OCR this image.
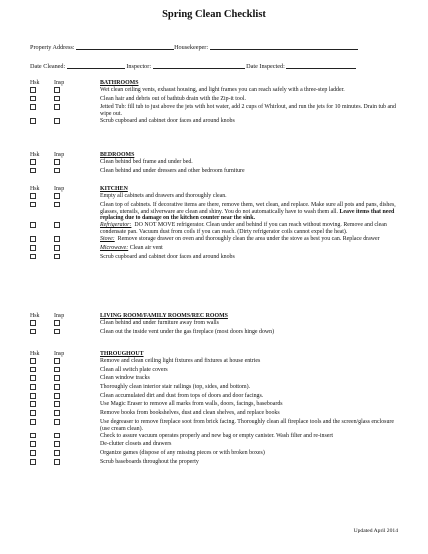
Spring Clean Checklist
Property Address:	Housekeeper:
Date Cleaned:	Inspector:	Date Inspected:
Hsk	Insp	BATHROOMS
Wet clean ceiling vents, exhaust housing, and light frames you can reach safely with a three-step ladder.
Clean hair and debris out of bathtub drain with the Zip-it tool.
Jetted Tub: fill tub to just above the jets with hot water, add 2 cups of Whirlout, and run the jets for 10 minutes. Drain tub and wipe out.
Scrub cupboard and cabinet door faces and around knobs
Hsk	Insp	BEDROOMS
Clean behind bed frame and under bed.
Clean behind and under dressers and other bedroom furniture
Hsk	Insp	KITCHEN
Empty all cabinets and drawers and thoroughly clean.
Clean top of cabinets. If decorative items are there, remove them, wet clean, and replace. Make sure all pots and pans, dishes, glasses, utensils, and silverware are clean and shiny. You do not automatically have to wash them all. Leave items that need replacing due to damage on the kitchen counter near the sink.
Refrigerator: DO NOT MOVE refrigerator. Clean under and behind if you can reach without moving. Remove and clean condensate pan. Vacuum dust from coils if you can reach. (Dirty refrigerator coils cannot expel the heat).
Stove: Remove storage drawer on oven and thoroughly clean the area under the stove as best you can. Replace drawer
Microwave: Clean air vent
Scrub cupboard and cabinet door faces and around knobs
Hsk	Insp	LIVING ROOM/FAMILY ROOMS/REC ROOMS
Clean behind and under furniture away from walls
Clean out the inside vent under the gas fireplace (most doors hinge down)
Hsk	Insp	THROUGHOUT
Remove and clean ceiling light fixtures and fixtures at house entries
Clean all switch plate covers
Clean window tracks
Thoroughly clean interior stair railings (top, sides, and bottom).
Clean accumulated dirt and dust from tops of doors and door facings.
Use Magic Eraser to remove all marks from walls, doors, facings, baseboards
Remove books from bookshelves, dust and clean shelves, and replace books
Use degreaser to remove fireplace soot from brick facing. Thoroughly clean all fireplace tools and the screen/glass enclosure (use cream clean).
Check to assure vacuum operates properly and new bag or empty canister. Wash filter and re-insert
De-clutter closets and drawers
Organize games (dispose of any missing pieces or with broken boxes)
Scrub baseboards throughout the property
Updated April 2014
